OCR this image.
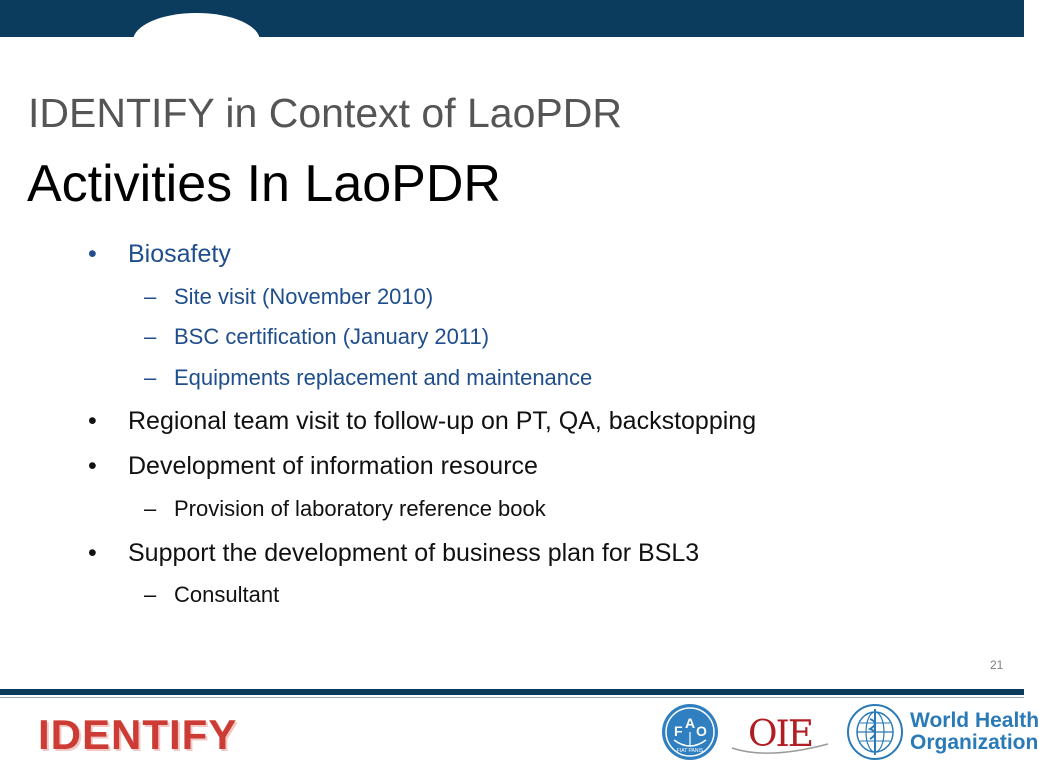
IDENTIFY in Context of LaoPDR
Activities In LaoPDR
• Biosafety
– Site visit (November 2010)
– BSC certification (January 2011)
– Equipments replacement and maintenance
• Regional team visit to follow-up on PT, QA, backstopping
• Development of information resource
– Provision of laboratory reference book
• Support the development of business plan for BSL3
– Consultant
21
IDENTIFY	F A O
FIAT PANIS OIE	World Health
Organization
